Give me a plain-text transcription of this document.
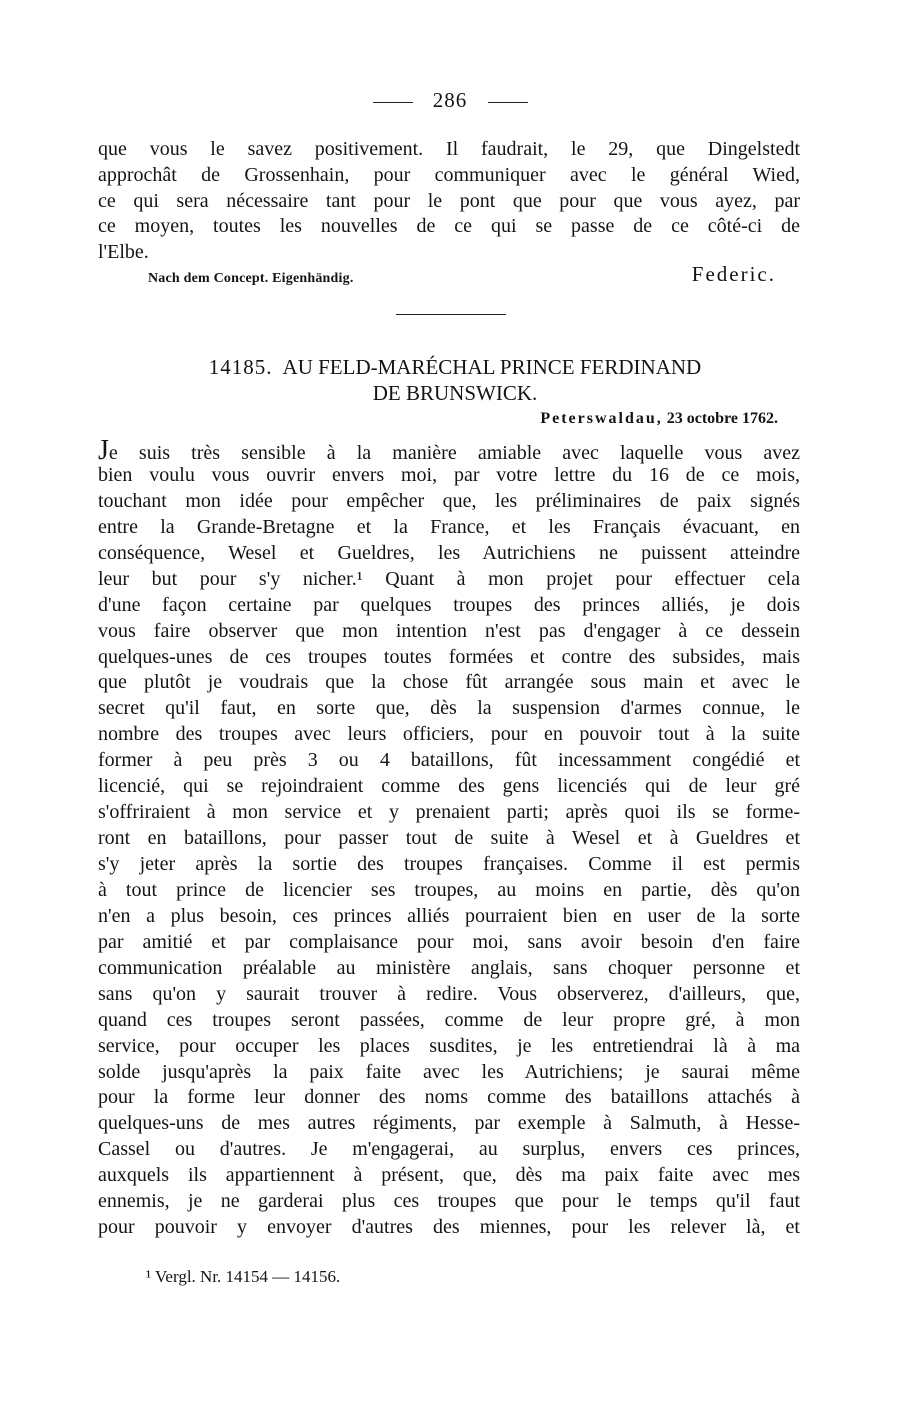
286
que vous le savez positivement. Il faudrait, le 29, que Dingelstedt
approchât de Grossenhain, pour communiquer avec le général Wied,
ce qui sera nécessaire tant pour le pont que pour que vous ayez, par
ce moyen, toutes les nouvelles de ce qui se passe de ce côté-ci de
l'Elbe.
Nach dem Concept. Eigenhändig.	Federic.
14185. AU FELD-MARÉCHAL PRINCE FERDINAND
DE BRUNSWICK.
Peterswaldau, 23 octobre 1762.
Je suis très sensible à la manière amiable avec laquelle vous avez
bien voulu vous ouvrir envers moi, par votre lettre du 16 de ce mois,
touchant mon idée pour empêcher que, les préliminaires de paix signés
entre la Grande-Bretagne et la France, et les Français évacuant, en
conséquence, Wesel et Gueldres, les Autrichiens ne puissent atteindre
leur but pour s'y nicher.¹ Quant à mon projet pour effectuer cela
d'une façon certaine par quelques troupes des princes alliés, je dois
vous faire observer que mon intention n'est pas d'engager à ce dessein
quelques-unes de ces troupes toutes formées et contre des subsides, mais
que plutôt je voudrais que la chose fût arrangée sous main et avec le
secret qu'il faut, en sorte que, dès la suspension d'armes connue, le
nombre des troupes avec leurs officiers, pour en pouvoir tout à la suite
former à peu près 3 ou 4 bataillons, fût incessamment congédié et
licencié, qui se rejoindraient comme des gens licenciés qui de leur gré
s'offriraient à mon service et y prenaient parti; après quoi ils se forme-
ront en bataillons, pour passer tout de suite à Wesel et à Gueldres et
s'y jeter après la sortie des troupes françaises. Comme il est permis
à tout prince de licencier ses troupes, au moins en partie, dès qu'on
n'en a plus besoin, ces princes alliés pourraient bien en user de la sorte
par amitié et par complaisance pour moi, sans avoir besoin d'en faire
communication préalable au ministère anglais, sans choquer personne et
sans qu'on y saurait trouver à redire. Vous observerez, d'ailleurs, que,
quand ces troupes seront passées, comme de leur propre gré, à mon
service, pour occuper les places susdites, je les entretiendrai là à ma
solde jusqu'après la paix faite avec les Autrichiens; je saurai même
pour la forme leur donner des noms comme des bataillons attachés à
quelques-uns de mes autres régiments, par exemple à Salmuth, à Hesse-
Cassel ou d'autres. Je m'engagerai, au surplus, envers ces princes,
auxquels ils appartiennent à présent, que, dès ma paix faite avec mes
ennemis, je ne garderai plus ces troupes que pour le temps qu'il faut
pour pouvoir y envoyer d'autres des miennes, pour les relever là, et
¹ Vergl. Nr. 14154 — 14156.
